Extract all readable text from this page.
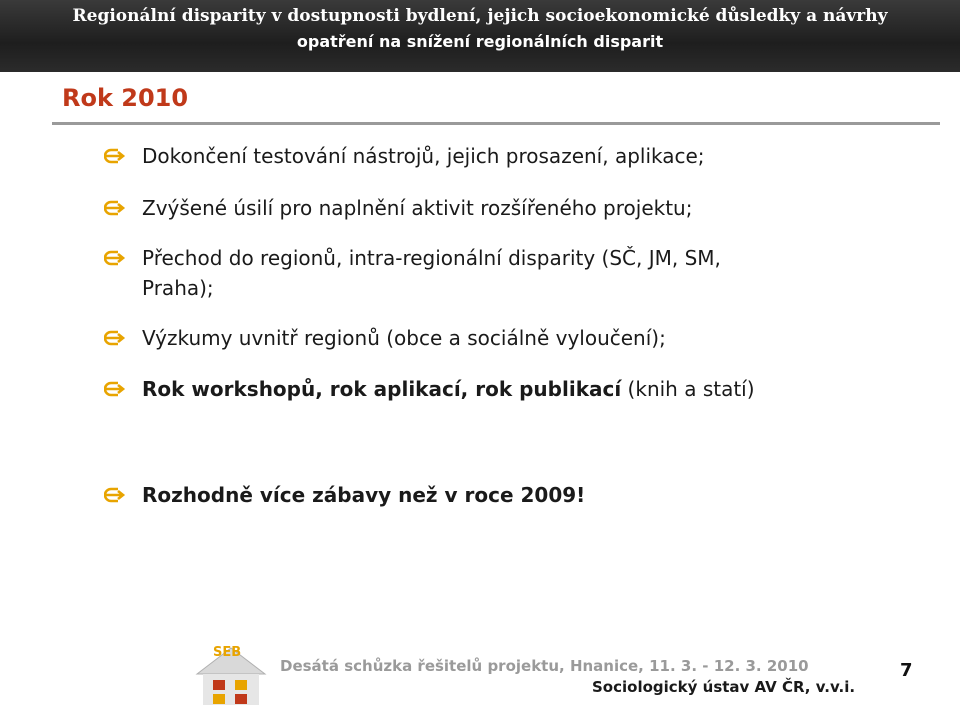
Regionální disparity v dostupnosti bydlení, jejich socioekonomické důsledky a návrhy
opatření na snížení regionálních disparit
Rok 2010
Dokončení testování nástrojů, jejich prosazení, aplikace;
Zvýšené úsilí pro naplnění aktivit rozšířeného projektu;
Přechod do regionů, intra-regionální disparity (SČ, JM, SM,
Praha);
Výzkumy uvnitř regionů (obce a sociálně vyloučení);
Rok workshopů, rok aplikací, rok publikací (knih a statí)
Rozhodně více zábavy než v roce 2009!
SEB
Desátá schůzka řešitelů projektu, Hnanice, 11. 3. - 12. 3. 2010
Sociologický ústav AV ČR, v.v.i.
7
